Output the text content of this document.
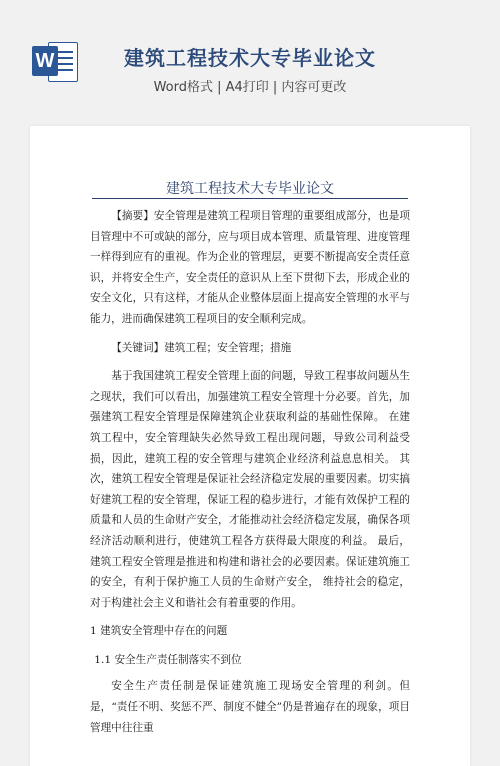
W	建筑工程技术大专毕业论文
Word格式 | A4打印 | 内容可更改
建筑工程技术大专毕业论文

【摘要】安全管理是建筑工程项目管理的重要组成部分，也是项目管理中不可或缺的部分，应与项目成本管理、质量管理、进度管理一样得到应有的重视。作为企业的管理层，更要不断提高安全责任意识，并将安全生产，安全责任的意识从上至下贯彻下去，形成企业的安全文化，只有这样，才能从企业整体层面上提高安全管理的水平与能力，进而确保建筑工程项目的安全顺利完成。

【关键词】建筑工程；安全管理；措施

基于我国建筑工程安全管理上面的问题，导致工程事故问题丛生之现状，我们可以看出，加强建筑工程安全管理十分必要。首先，加强建筑工程安全管理是保障建筑企业获取利益的基础性保障。 在建筑工程中，安全管理缺失必然导致工程出现问题，导致公司利益受损，因此，建筑工程的安全管理与建筑企业经济利益息息相关。 其次，建筑工程安全管理是保证社会经济稳定发展的重要因素。切实搞好建筑工程的安全管理，保证工程的稳步进行，才能有效保护工程的质量和人员的生命财产安全，才能推动社会经济稳定发展，确保各项经济活动顺利进行，使建筑工程各方获得最大限度的利益。 最后，建筑工程安全管理是推进和构建和谐社会的必要因素。保证建筑施工的安全，有利于保护施工人员的生命财产安全， 维持社会的稳定，对于构建社会主义和谐社会有着重要的作用。

1 建筑安全管理中存在的问题

1.1 安全生产责任制落实不到位

安全生产责任制是保证建筑施工现场安全管理的利剑。但是，“责任不明、奖惩不严、制度不健全”仍是普遍存在的现象，项目管理中往往重
